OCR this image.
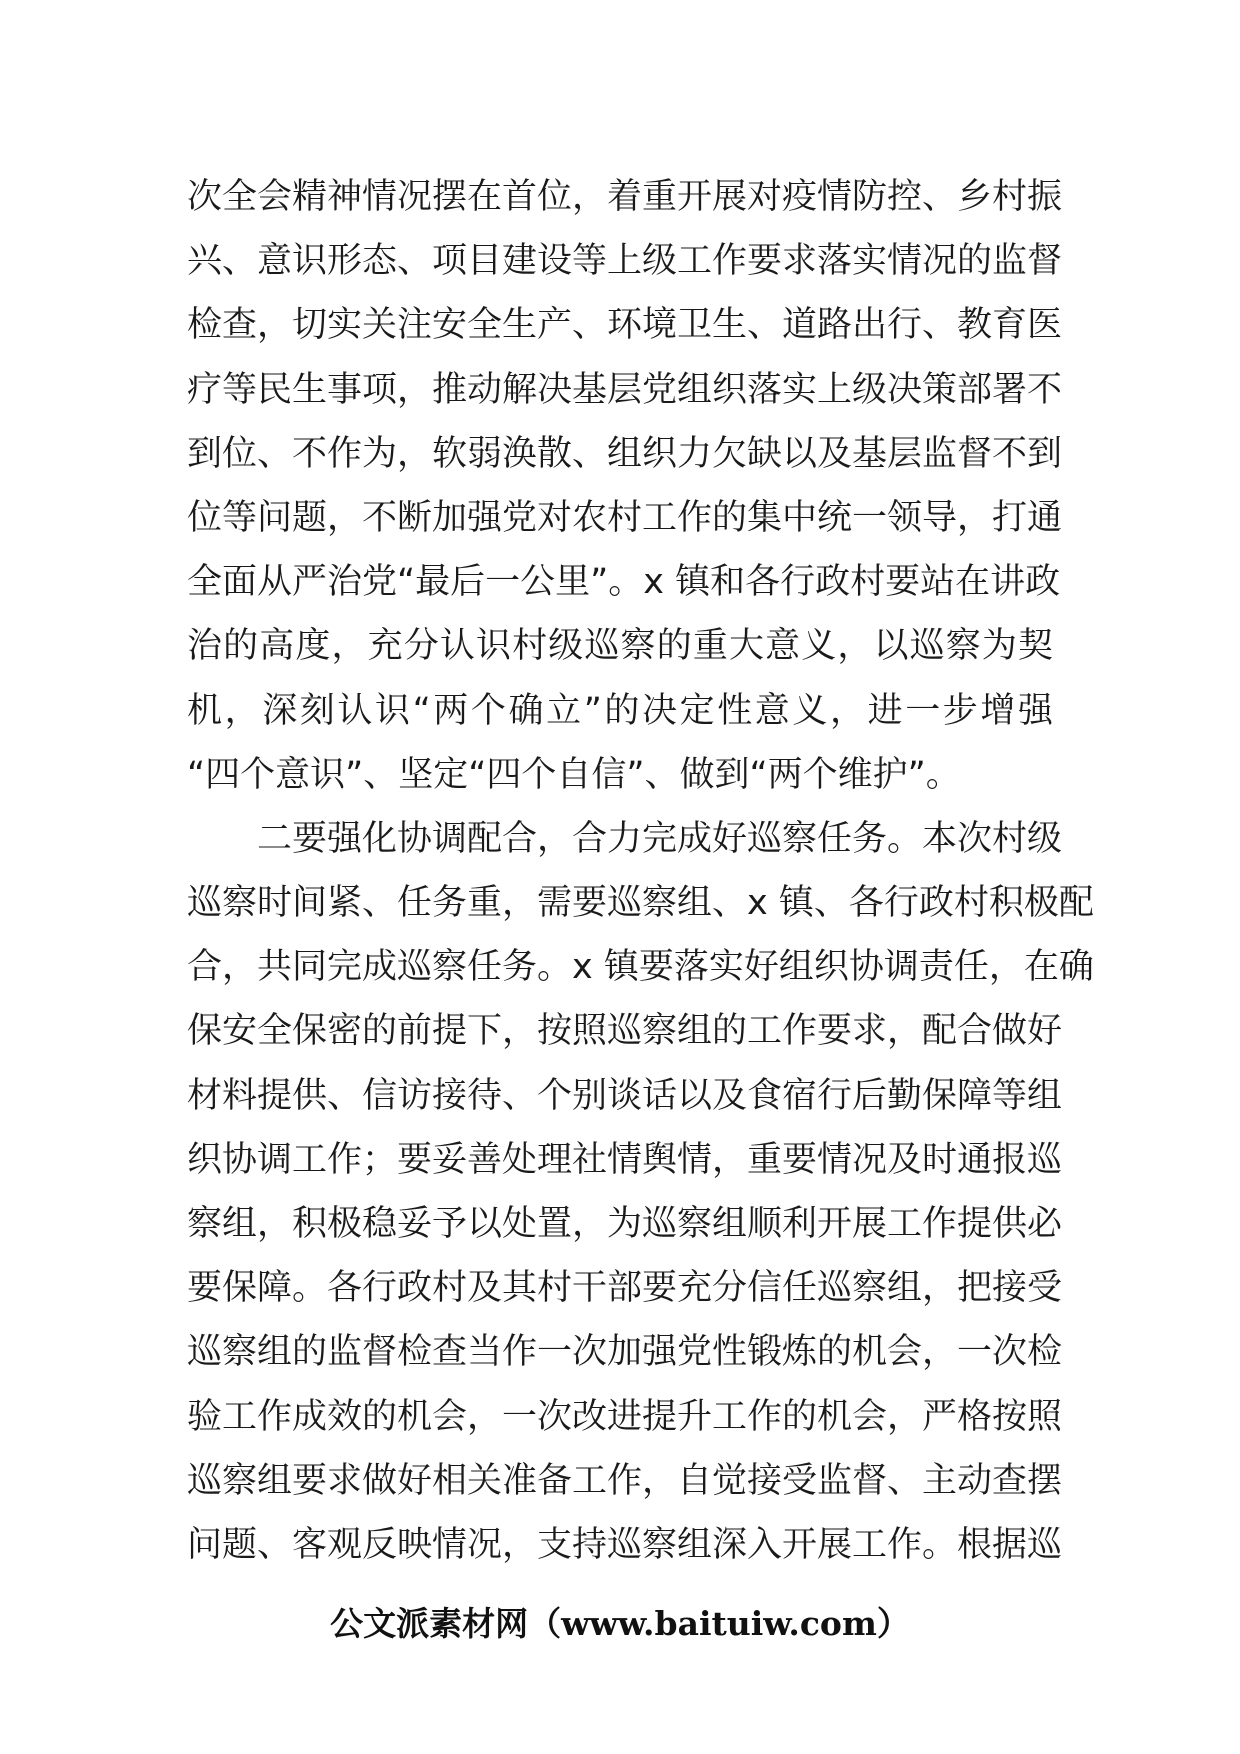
次全会精神情况摆在首位，着重开展对疫情防控、乡村振
兴、意识形态、项目建设等上级工作要求落实情况的监督
检查，切实关注安全生产、环境卫生、道路出行、教育医
疗等民生事项，推动解决基层党组织落实上级决策部署不
到位、不作为，软弱涣散、组织力欠缺以及基层监督不到
位等问题，不断加强党对农村工作的集中统一领导，打通
全面从严治党“最后一公里”。x 镇和各行政村要站在讲政
治的高度，充分认识村级巡察的重大意义，以巡察为契
机，深刻认识“两个确立”的决定性意义，进一步增强
“四个意识”、坚定“四个自信”、做到“两个维护”。
二要强化协调配合，合力完成好巡察任务。本次村级
巡察时间紧、任务重，需要巡察组、x 镇、各行政村积极配
合，共同完成巡察任务。x 镇要落实好组织协调责任，在确
保安全保密的前提下，按照巡察组的工作要求，配合做好
材料提供、信访接待、个别谈话以及食宿行后勤保障等组
织协调工作；要妥善处理社情舆情，重要情况及时通报巡
察组，积极稳妥予以处置，为巡察组顺利开展工作提供必
要保障。各行政村及其村干部要充分信任巡察组，把接受
巡察组的监督检查当作一次加强党性锻炼的机会，一次检
验工作成效的机会，一次改进提升工作的机会，严格按照
巡察组要求做好相关准备工作，自觉接受监督、主动查摆
问题、客观反映情况，支持巡察组深入开展工作。根据巡
公文派素材网（www.baituiw.com）
